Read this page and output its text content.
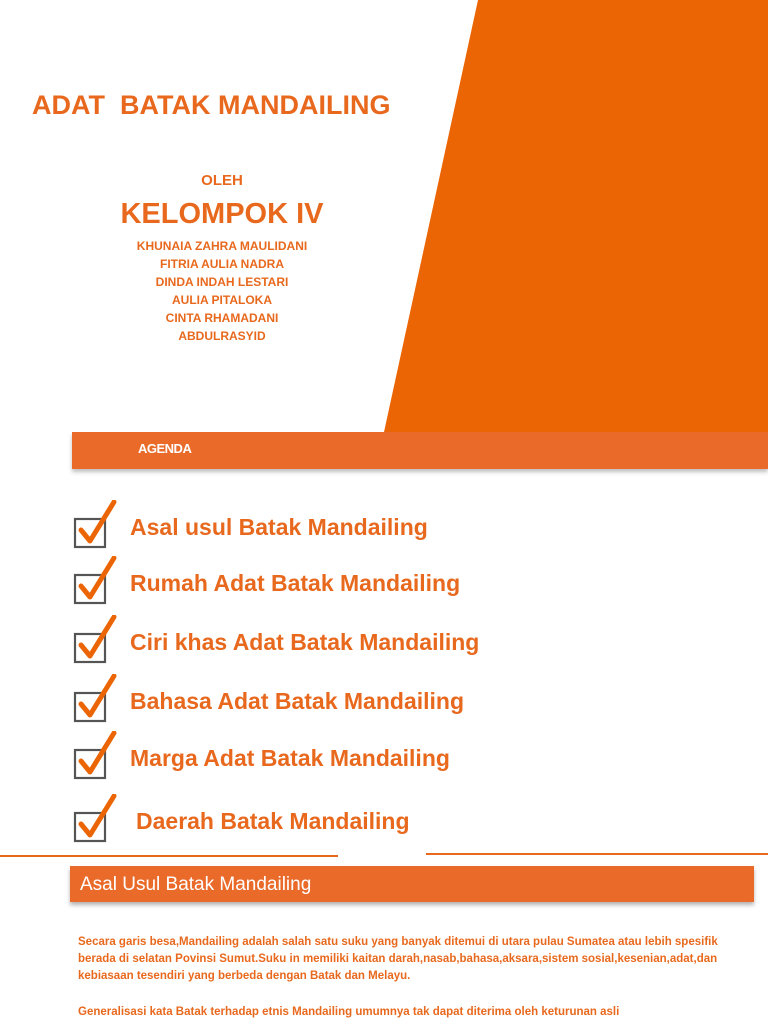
ADAT  BATAK MANDAILING
OLEH
KELOMPOK IV
KHUNAIA ZAHRA MAULIDANI
FITRIA AULIA NADRA
DINDA INDAH LESTARI
AULIA PITALOKA
CINTA RHAMADANI
ABDULRASYID
AGENDA
Asal usul Batak Mandailing
Rumah Adat Batak Mandailing
Ciri khas Adat Batak Mandailing
Bahasa Adat Batak Mandailing
Marga Adat Batak Mandailing
Daerah Batak Mandailing
Asal Usul Batak Mandailing

Secara garis besa,Mandailing adalah salah satu suku yang banyak ditemui di utara pulau Sumatea atau lebih spesifik berada di selatan Povinsi Sumut.Suku in memiliki kaitan darah,nasab,bahasa,aksara,sistem sosial,kesenian,adat,dan kebiasaan tesendiri yang berbeda dengan Batak dan Melayu.

Generalisasi kata Batak terhadap etnis Mandailing umumnya tak dapat diterima oleh keturunan asli
